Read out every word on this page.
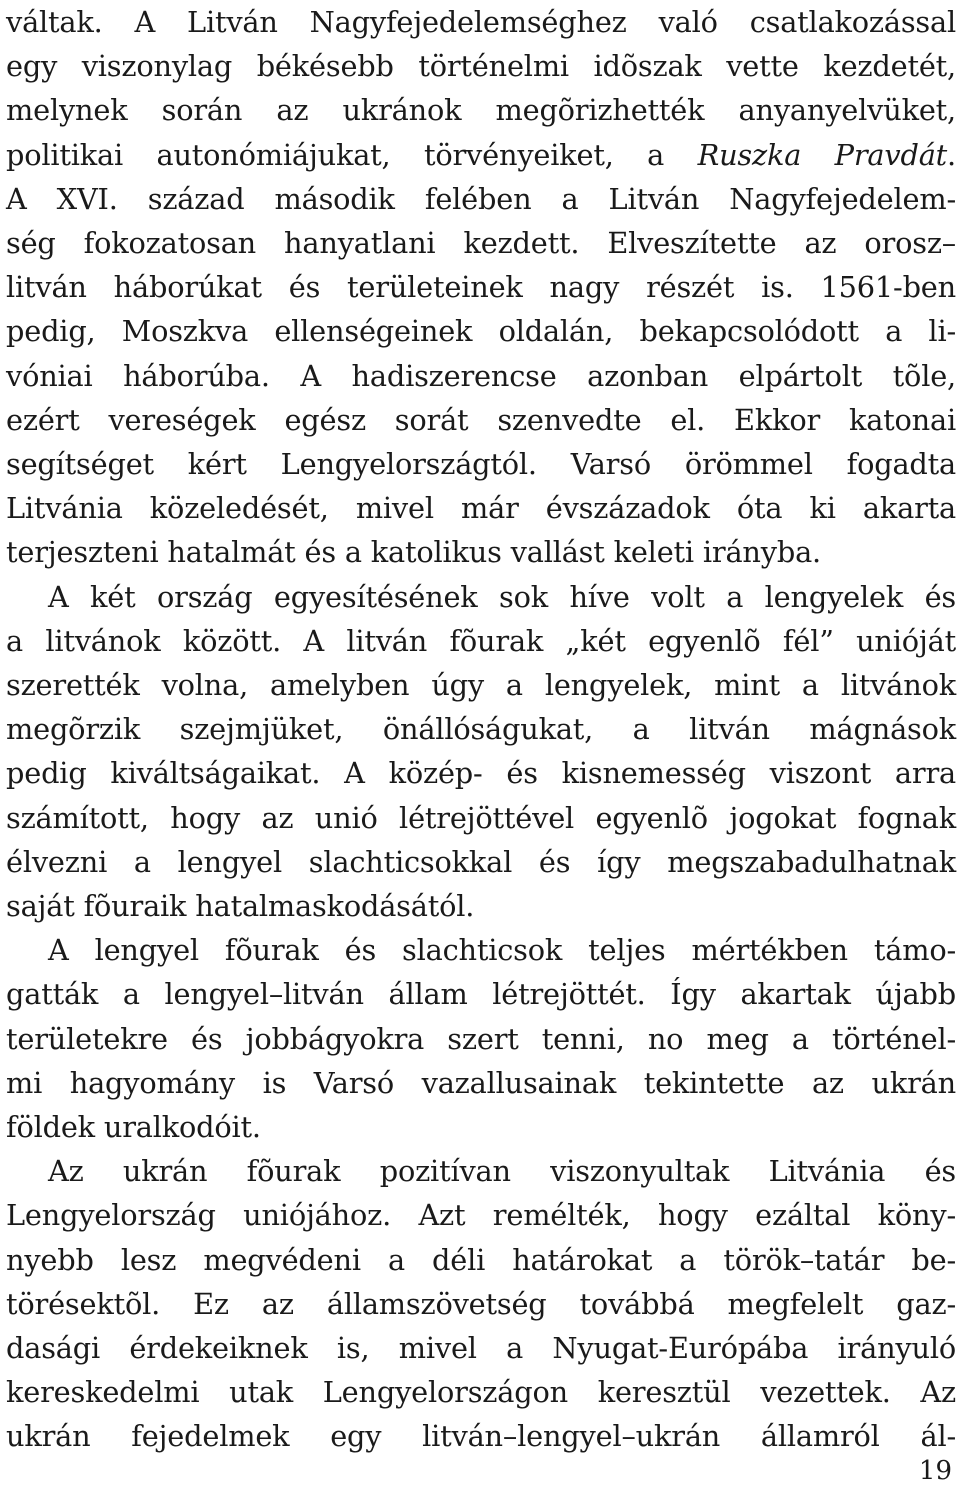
váltak. A Litván Nagyfejedelemséghez való csatlakozással
egy viszonylag békésebb történelmi idõszak vette kezdetét,
melynek során az ukránok megõrizhették anyanyelvüket,
politikai autonómiájukat, törvényeiket, a Ruszka Pravdát.
A XVI. század második felében a Litván Nagyfejedelem-
ség fokozatosan hanyatlani kezdett. Elveszítette az orosz–
litván háborúkat és területeinek nagy részét is. 1561-ben
pedig, Moszkva ellenségeinek oldalán, bekapcsolódott a li-
vóniai háborúba. A hadiszerencse azonban elpártolt tõle,
ezért vereségek egész sorát szenvedte el. Ekkor katonai
segítséget kért Lengyelországtól. Varsó örömmel fogadta
Litvánia közeledését, mivel már évszázadok óta ki akarta
terjeszteni hatalmát és a katolikus vallást keleti irányba.
A két ország egyesítésének sok híve volt a lengyelek és
a litvánok között. A litván fõurak „két egyenlõ fél” unióját
szerették volna, amelyben úgy a lengyelek, mint a litvánok
megõrzik szejmjüket, önállóságukat, a litván mágnások
pedig kiváltságaikat. A közép- és kisnemesség viszont arra
számított, hogy az unió létrejöttével egyenlõ jogokat fognak
élvezni a lengyel slachticsokkal és így megszabadulhatnak
saját fõuraik hatalmaskodásától.
A lengyel fõurak és slachticsok teljes mértékben támo-
gatták a lengyel–litván állam létrejöttét. Így akartak újabb
területekre és jobbágyokra szert tenni, no meg a történel-
mi hagyomány is Varsó vazallusainak tekintette az ukrán
földek uralkodóit.
Az ukrán fõurak pozitívan viszonyultak Litvánia és
Lengyelország uniójához. Azt remélték, hogy ezáltal köny-
nyebb lesz megvédeni a déli határokat a török–tatár be-
törésektõl. Ez az államszövetség továbbá megfelelt gaz-
dasági érdekeiknek is, mivel a Nyugat-Európába irányuló
kereskedelmi utak Lengyelországon keresztül vezettek. Az
ukrán fejedelmek egy litván–lengyel–ukrán államról ál-
19
